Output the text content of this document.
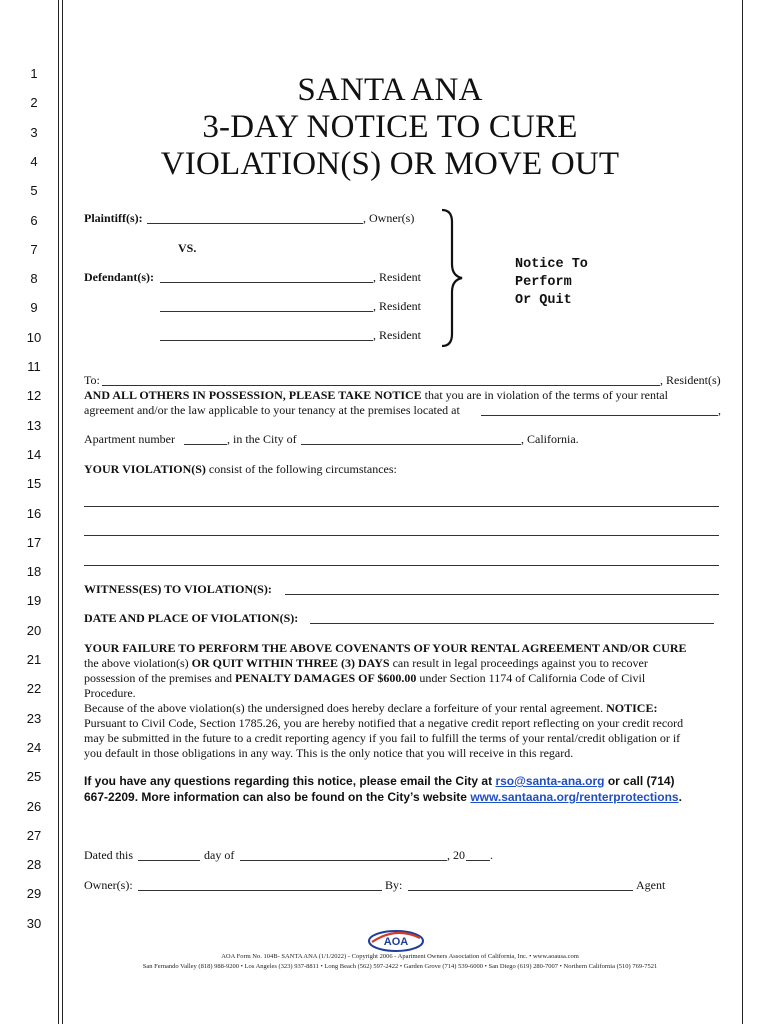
1
2
3
4
5
6
7
8
9
10
11
12
13
14
15
16
17
18
19
20
21
22
23
24
25
26
27
28
29
30
SANTA ANA
3-DAY NOTICE TO CURE
VIOLATION(S) OR MOVE OUT
Plaintiff(s):	, Owner(s)
VS.
Defendant(s):	, Resident
, Resident
, Resident
Notice To
Perform
Or Quit
To:	, Resident(s)
AND ALL OTHERS IN POSSESSION, PLEASE TAKE NOTICE that you are in violation of the terms of your rental
agreement and/or the law applicable to your tenancy at the premises located at	,
Apartment number	, in the City of	, California.
YOUR VIOLATION(S) consist of the following circumstances:
WITNESS(ES) TO VIOLATION(S):
DATE AND PLACE OF VIOLATION(S):
YOUR FAILURE TO PERFORM THE ABOVE COVENANTS OF YOUR RENTAL AGREEMENT AND/OR CURE
the above violation(s) OR QUIT WITHIN THREE (3) DAYS can result in legal proceedings against you to recover
possession of the premises and PENALTY DAMAGES OF $600.00 under Section 1174 of California Code of Civil
Procedure.
Because of the above violation(s) the undersigned does hereby declare a forfeiture of your rental agreement. NOTICE:
Pursuant to Civil Code, Section 1785.26, you are hereby notified that a negative credit report reflecting on your credit record
may be submitted in the future to a credit reporting agency if you fail to fulfill the terms of your rental/credit obligation or if
you default in those obligations in any way. This is the only notice that you will receive in this regard.
If you have any questions regarding this notice, please email the City at rso@santa-ana.org or call (714)
667-2209. More information can also be found on the City’s website www.santaana.org/renterprotections.
Dated this	day of	, 20 .
Owner(s):	By:	Agent
AOA
AOA Form No. 104B- SANTA ANA (1/1/2022) - Copyright 2006 - Apartment Owners Association of California, Inc. • www.aoausa.com
San Fernando Valley (818) 988-9200 • Los Angeles (323) 937-8811 • Long Beach (562) 597-2422 • Garden Grove (714) 539-6000 • San Diego (619) 280-7007 • Northern California (510) 769-7521
